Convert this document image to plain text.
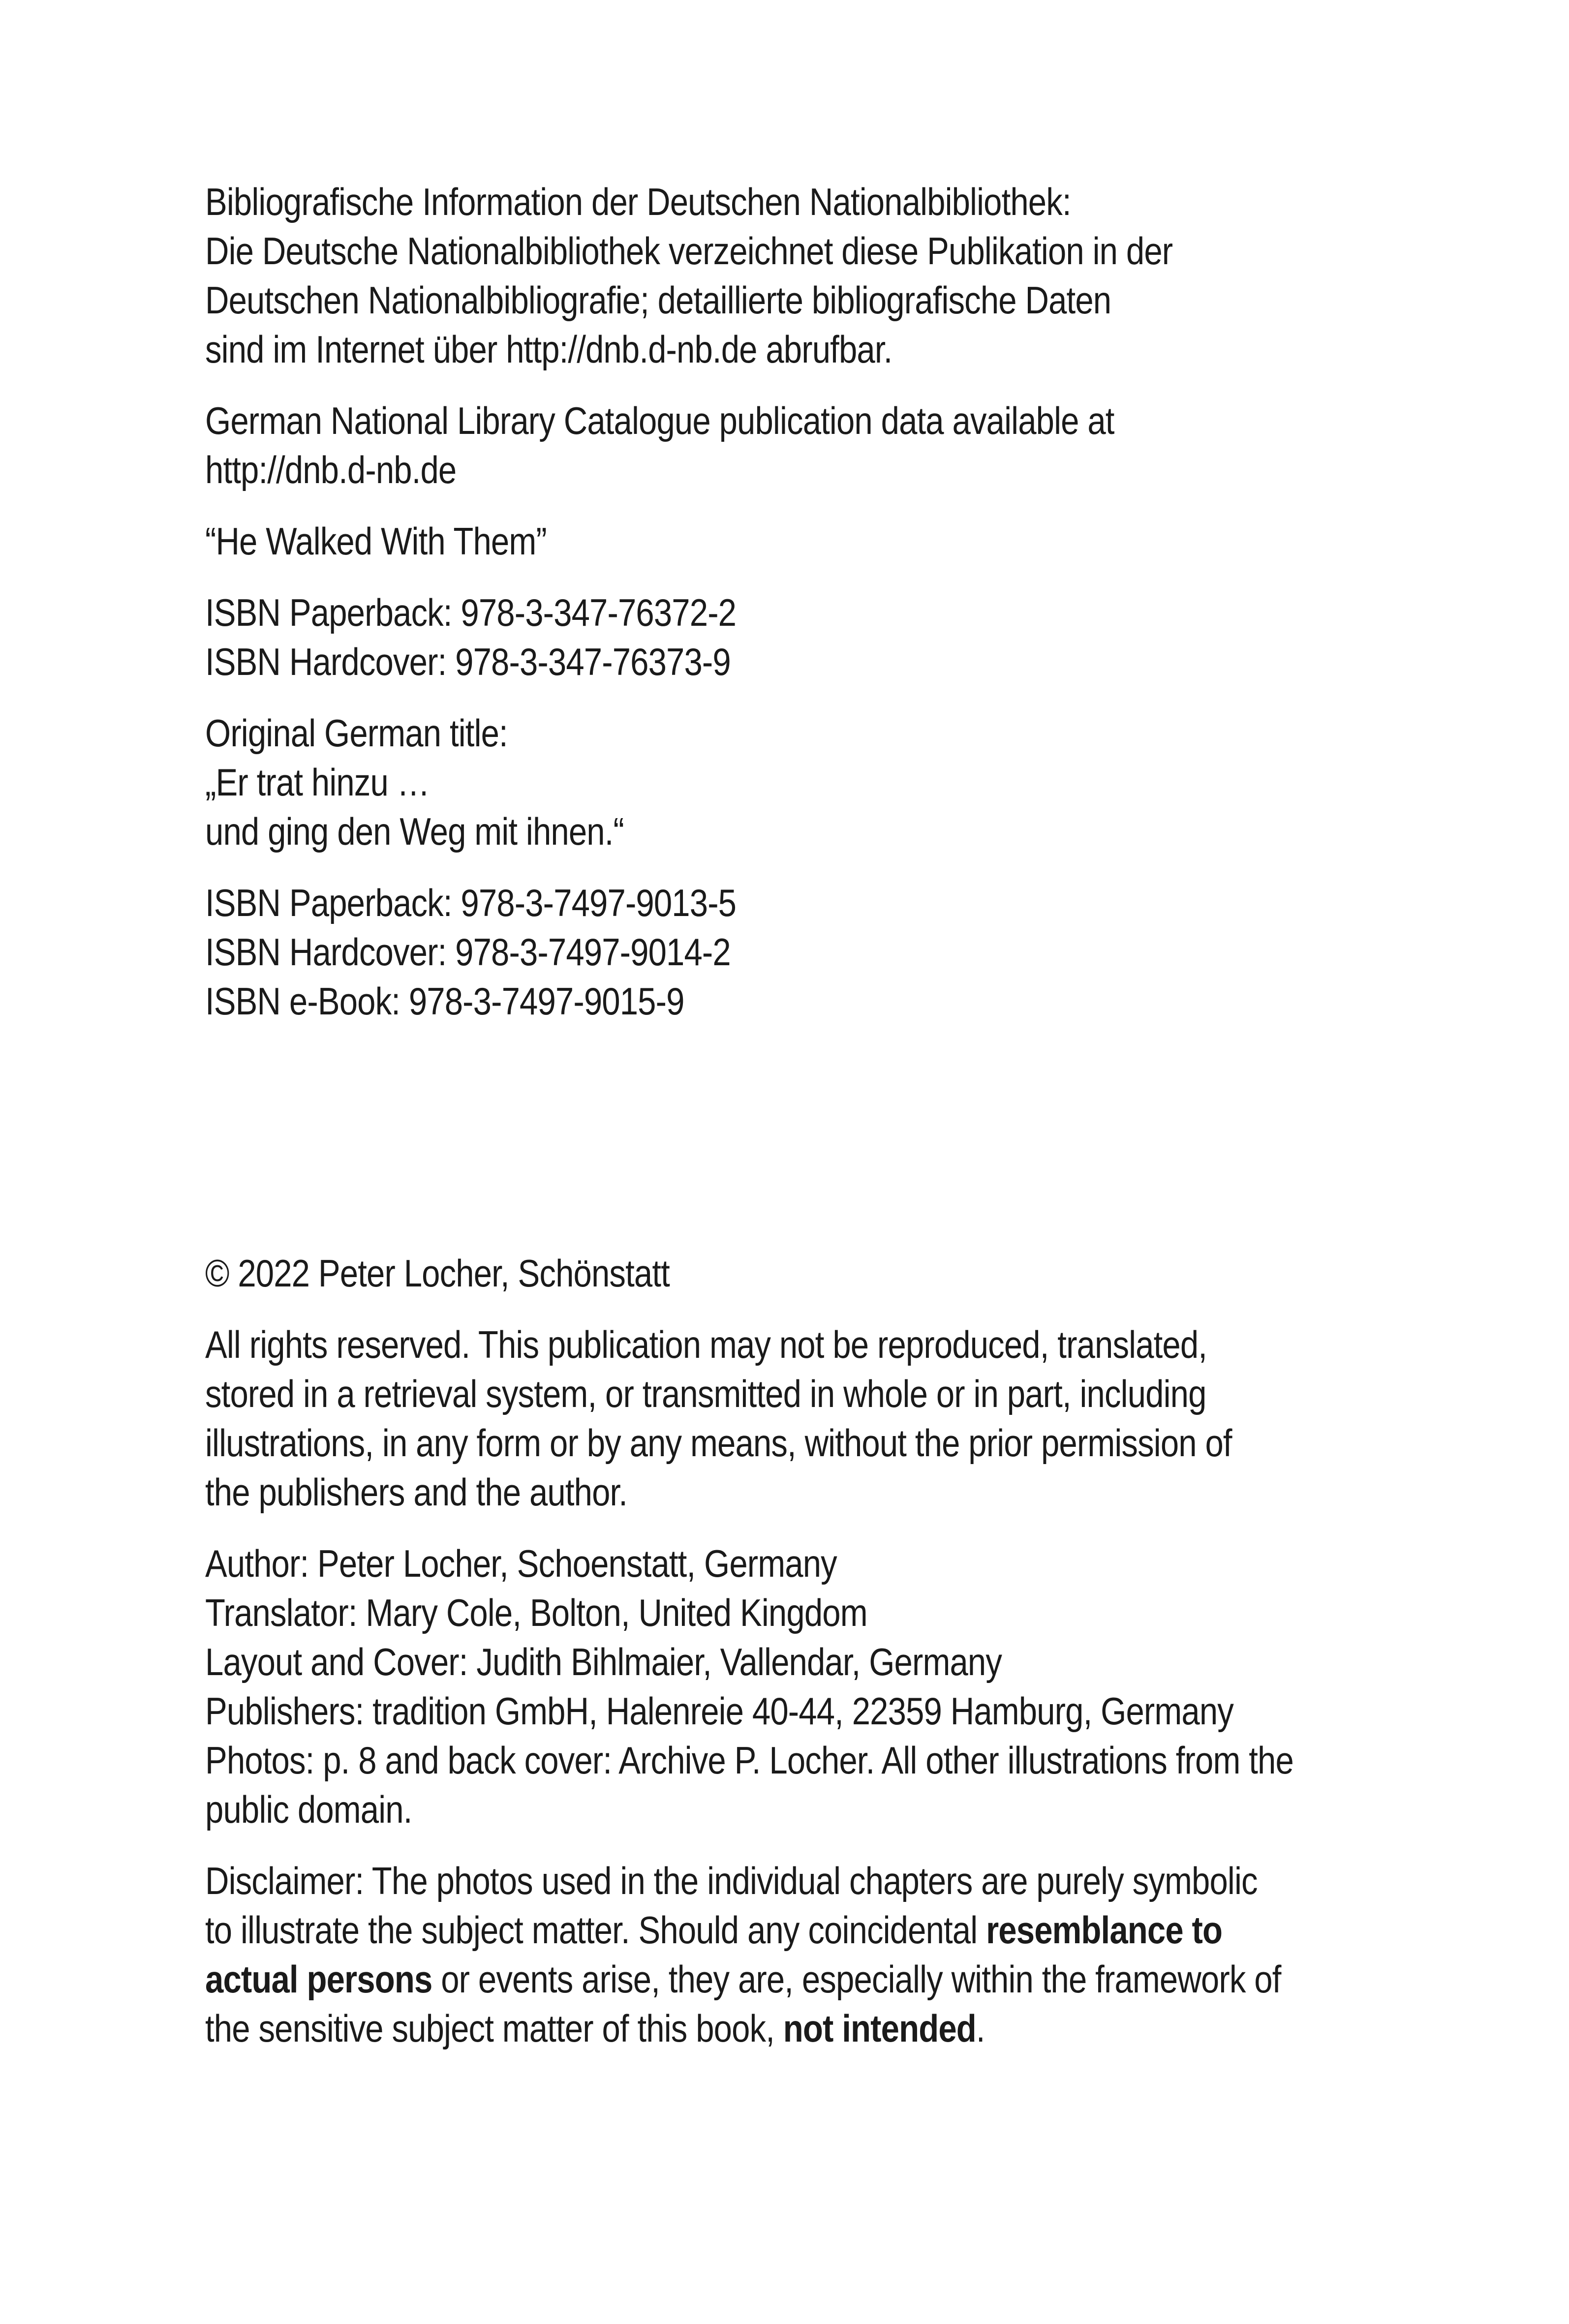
Bibliografische Information der Deutschen Nationalbibliothek:
Die Deutsche Nationalbibliothek verzeichnet diese Publikation in der
Deutschen Nationalbibliografie; detaillierte bibliografische Daten
sind im Internet über http://dnb.d-nb.de abrufbar.
German National Library Catalogue publication data available at
http://dnb.d-nb.de
“He Walked With Them”
ISBN Paperback: 978-3-347-76372-2
ISBN Hardcover: 978-3-347-76373-9
Original German title:
„Er trat hinzu …
und ging den Weg mit ihnen.“
ISBN Paperback: 978-3-7497-9013-5
ISBN Hardcover: 978-3-7497-9014-2
ISBN e-Book: 978-3-7497-9015-9
© 2022 Peter Locher, Schönstatt
All rights reserved. This publication may not be reproduced, translated,
stored in a retrieval system, or transmitted in whole or in part, including
illustrations, in any form or by any means, without the prior permission of
the publishers and the author.
Author: Peter Locher, Schoenstatt, Germany
Translator: Mary Cole, Bolton, United Kingdom
Layout and Cover: Judith Bihlmaier, Vallendar, Germany
Publishers: tradition GmbH, Halenreie 40-44, 22359 Hamburg, Germany
Photos: p. 8 and back cover: Archive P. Locher. All other illustrations from the
public domain.
Disclaimer: The photos used in the individual chapters are purely symbolic
to illustrate the subject matter. Should any coincidental resemblance to
actual persons or events arise, they are, especially within the framework of
the sensitive subject matter of this book, not intended.
